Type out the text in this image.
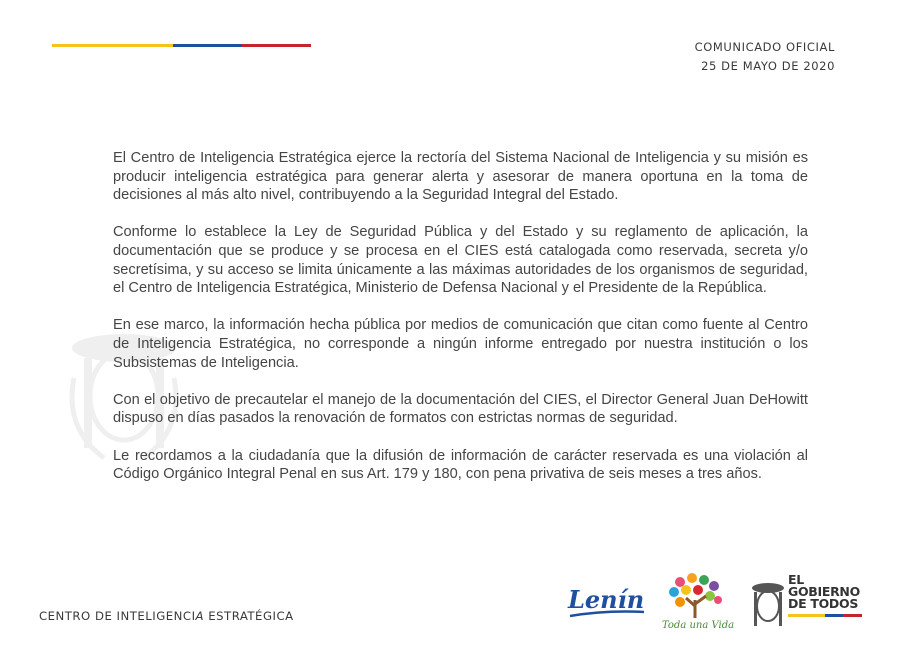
COMUNICADO OFICIAL
25 DE MAYO DE 2020

El Centro de Inteligencia Estratégica ejerce la rectoría del Sistema Nacional de Inteligencia y su misión es producir inteligencia estratégica para generar alerta y asesorar de manera oportuna en la toma de decisiones al más alto nivel, contribuyendo a la Seguridad Integral del Estado.

Conforme lo establece la Ley de Seguridad Pública y del Estado y su reglamento de aplicación, la documentación que se produce y se procesa en el CIES está catalogada como reservada, secreta y/o secretísima, y su acceso se limita únicamente a las máximas autoridades de los organismos de seguridad, el Centro de Inteligencia Estratégica, Ministerio de Defensa Nacional y el Presidente de la República.

En ese marco, la información hecha pública por medios de comunicación que citan como fuente al Centro de Inteligencia Estratégica, no corresponde a ningún informe entregado por nuestra institución o los Subsistemas de Inteligencia.

Con el objetivo de precautelar el manejo de la documentación del CIES, el Director General Juan DeHowitt dispuso en días pasados la renovación de formatos con estrictas normas de seguridad.

Le recordamos a la ciudadanía que la difusión de información de carácter reservada es una violación al Código Orgánico Integral Penal en sus Art. 179 y 180, con pena privativa de seis meses a tres años.

CENTRO DE INTELIGENCIA ESTRATÉGICA
Lenín
Toda una Vida
EL
GOBIERNO
DE TODOS
